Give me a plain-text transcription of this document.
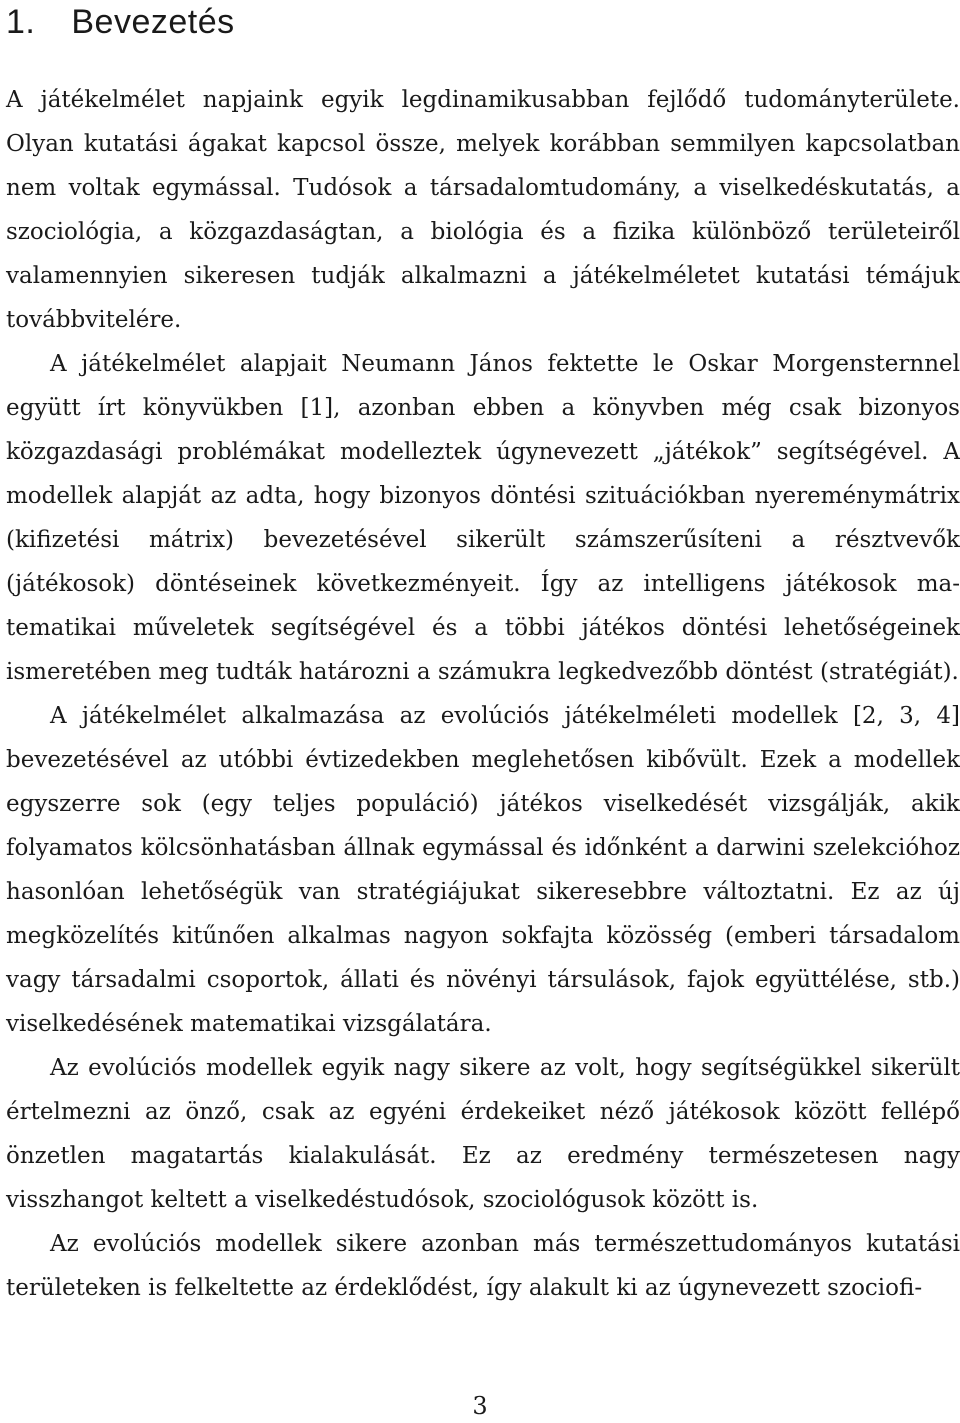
1. Bevezetés

A játékelmélet napjaink egyik legdinamikusabban fejlődő tudományterülete. Olyan kutatási ágakat kapcsol össze, melyek korábban semmilyen kapcsolatban nem voltak egymással. Tudósok a társadalomtudomány, a viselkedéskutatás, a szociológia, a közgazdaságtan, a biológia és a fizika különböző területeiről valamennyien sikeresen tudják alkalmazni a játékelméletet kutatási témájuk továbbvitelére.

A játékelmélet alapjait Neumann János fektette le Oskar Morgensternnel együtt írt könyvükben [1], azonban ebben a könyvben még csak bizonyos közgazdasági problémákat modelleztek úgynevezett „játékok” segítségével. A modellek alapját az adta, hogy bizonyos döntési szituációkban nyereménymátrix (kifizetési mátrix) bevezetésével sikerült számszerűsíteni a résztvevők (játékosok) döntéseinek következményeit. Így az intelligens játékosok matematikai műveletek segítségével és a többi játékos döntési lehetőségeinek ismeretében meg tudták határozni a számukra legkedvezőbb döntést (stratégiát).

A játékelmélet alkalmazása az evolúciós játékelméleti modellek [2, 3, 4] bevezetésével az utóbbi évtizedekben meglehetősen kibővült. Ezek a modellek egyszerre sok (egy teljes populáció) játékos viselkedését vizsgálják, akik folyamatos kölcsönhatásban állnak egymással és időnként a darwini szelekcióhoz hasonlóan lehetőségük van stratégiájukat sikeresebbre változtatni. Ez az új megközelítés kitűnően alkalmas nagyon sokfajta közösség (emberi társadalom vagy társadalmi csoportok, állati és növényi társulások, fajok együttélése, stb.) viselkedésének matematikai vizsgálatára.

Az evolúciós modellek egyik nagy sikere az volt, hogy segítségükkel sikerült értelmezni az önző, csak az egyéni érdekeiket néző játékosok között fellépő önzetlen magatartás kialakulását. Ez az eredmény természetesen nagy visszhangot keltett a viselkedéstudósok, szociológusok között is.

Az evolúciós modellek sikere azonban más természettudományos kutatási területeken is felkeltette az érdeklődést, így alakult ki az úgynevezett szociofi-

3
